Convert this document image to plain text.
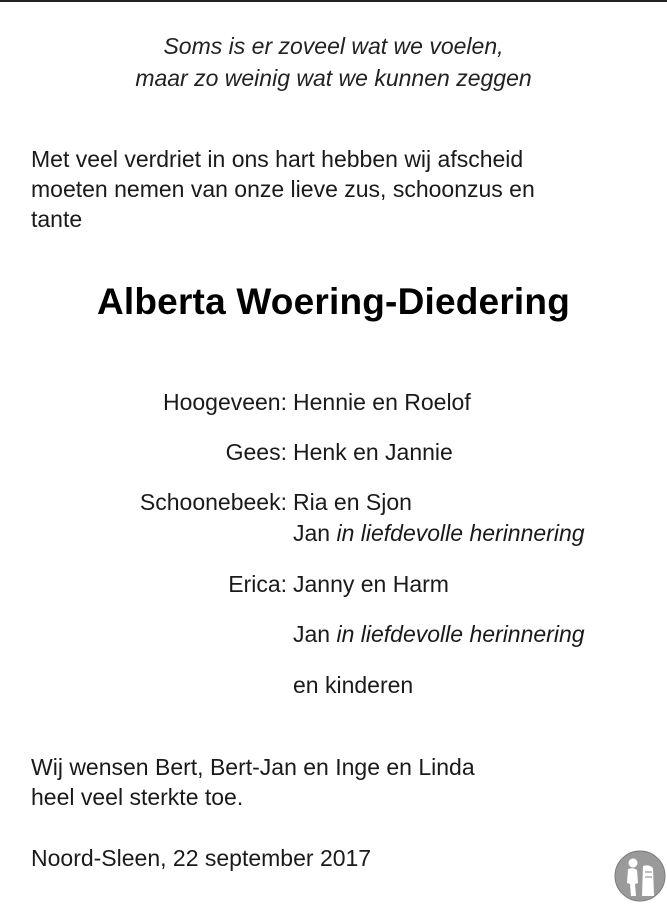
Soms is er zoveel wat we voelen,
maar zo weinig wat we kunnen zeggen
Met veel verdriet in ons hart hebben wij afscheid
moeten nemen van onze lieve zus, schoonzus en
tante
Alberta Woering-Diedering
Hoogeveen: Hennie en Roelof
Gees: Henk en Jannie
Schoonebeek: Ria en Sjon
Jan in liefdevolle herinnering
Erica: Janny en Harm
Jan in liefdevolle herinnering
en kinderen
Wij wensen Bert, Bert-Jan en Inge en Linda
heel veel sterkte toe.
Noord-Sleen, 22 september 2017
